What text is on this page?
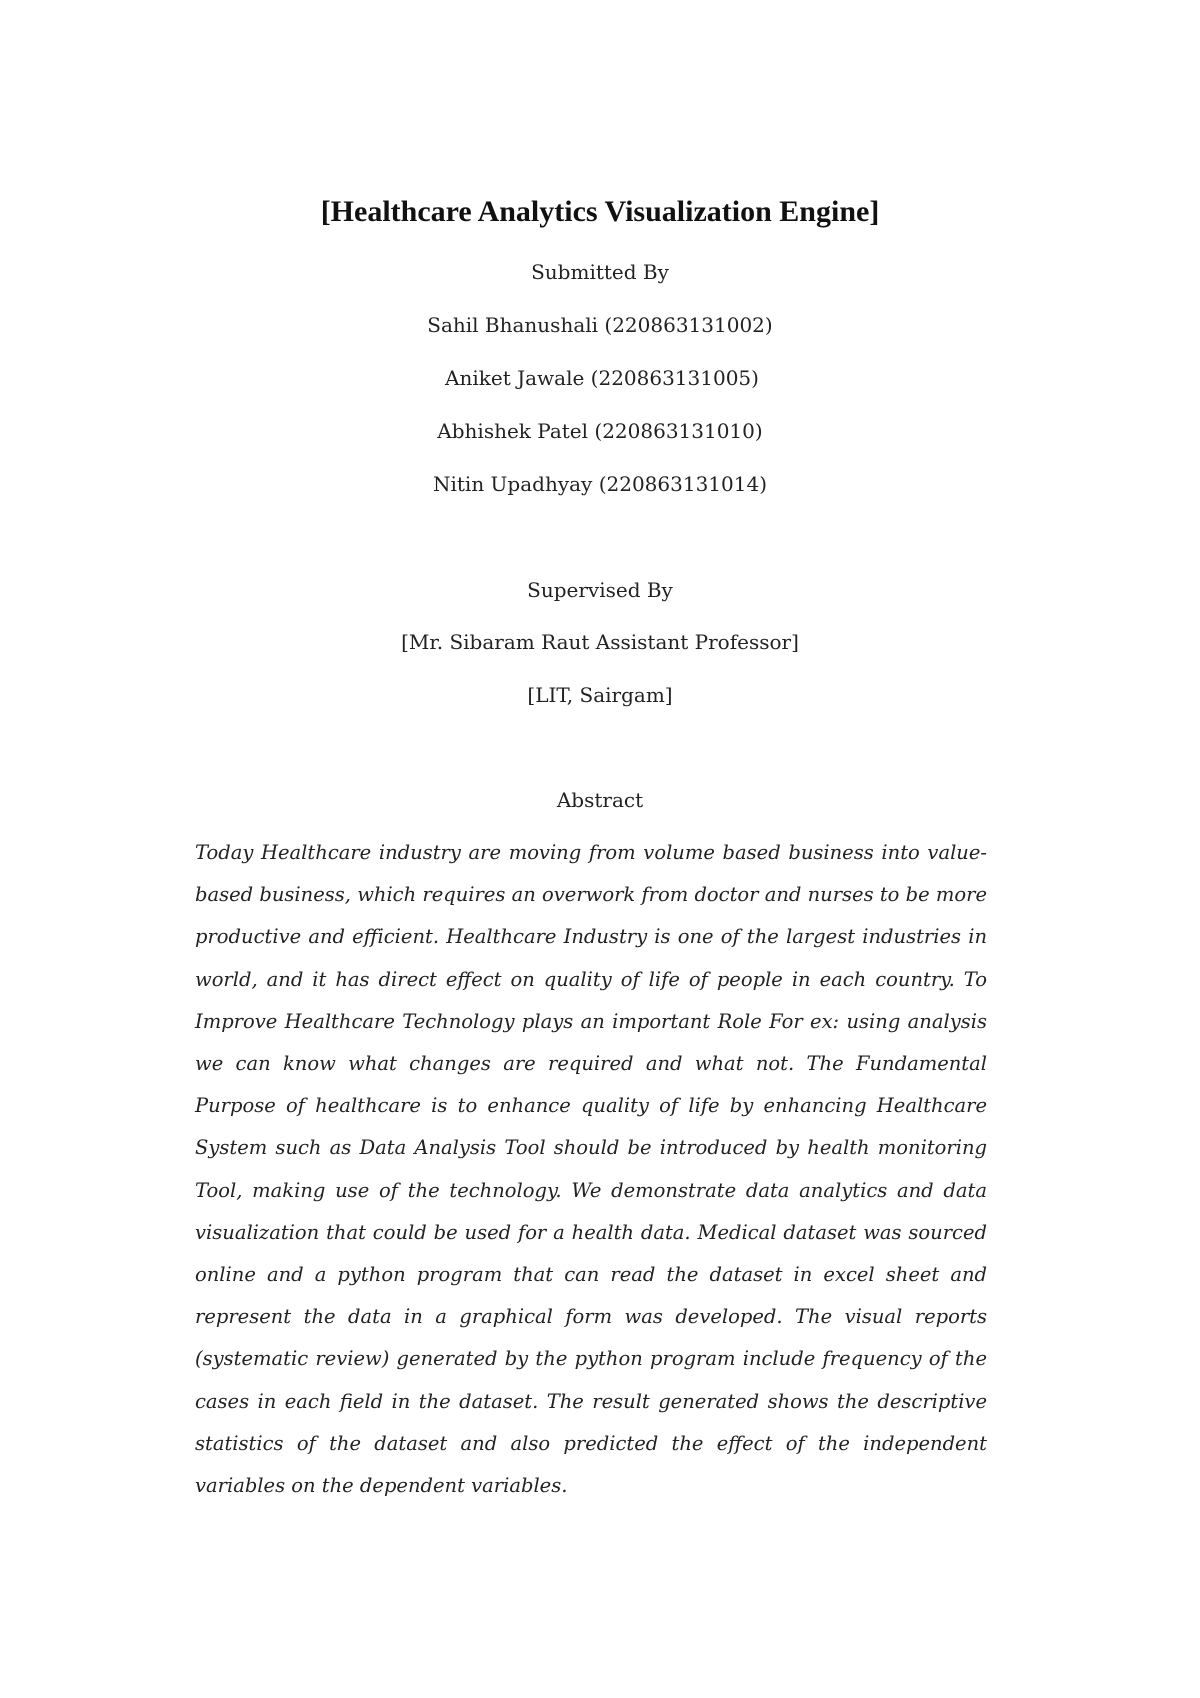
[Healthcare Analytics Visualization Engine]
Submitted By
Sahil Bhanushali (220863131002)
Aniket Jawale (220863131005)
Abhishek Patel (220863131010)
Nitin Upadhyay (220863131014)
Supervised By
[Mr. Sibaram Raut Assistant Professor]
[LIT, Sairgam]
Abstract
Today Healthcare industry are moving from volume based business into value-based business, which requires an overwork from doctor and nurses to be more productive and efficient. Healthcare Industry is one of the largest industries in world, and it has direct effect on quality of life of people in each country. To Improve Healthcare Technology plays an important Role For ex: using analysis we can know what changes are required and what not. The Fundamental Purpose of healthcare is to enhance quality of life by enhancing Healthcare System such as Data Analysis Tool should be introduced by health monitoring Tool, making use of the technology. We demonstrate data analytics and data visualization that could be used for a health data. Medical dataset was sourced online and a python program that can read the dataset in excel sheet and represent the data in a graphical form was developed. The visual reports (systematic review) generated by the python program include frequency of the cases in each field in the dataset. The result generated shows the descriptive statistics of the dataset and also predicted the effect of the independent variables on the dependent variables.
